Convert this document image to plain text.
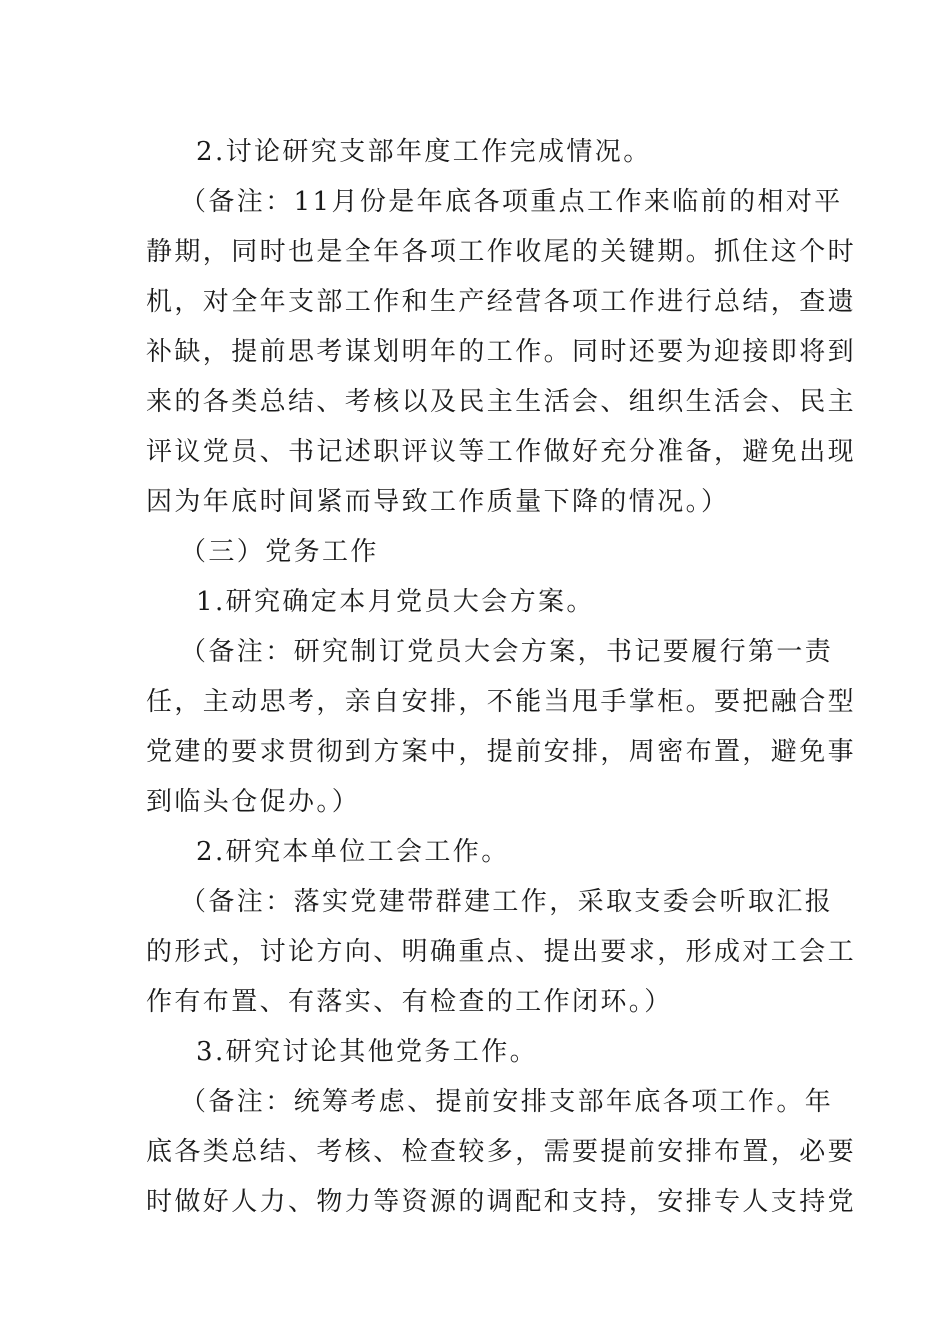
2.讨论研究支部年度工作完成情况。
（备注：11月份是年底各项重点工作来临前的相对平
静期，同时也是全年各项工作收尾的关键期。抓住这个时
机，对全年支部工作和生产经营各项工作进行总结，查遗
补缺，提前思考谋划明年的工作。同时还要为迎接即将到
来的各类总结、考核以及民主生活会、组织生活会、民主
评议党员、书记述职评议等工作做好充分准备，避免出现
因为年底时间紧而导致工作质量下降的情况。）
（三）党务工作
1.研究确定本月党员大会方案。
（备注：研究制订党员大会方案，书记要履行第一责
任，主动思考，亲自安排，不能当甩手掌柜。要把融合型
党建的要求贯彻到方案中，提前安排，周密布置，避免事
到临头仓促办。）
2.研究本单位工会工作。
（备注：落实党建带群建工作，采取支委会听取汇报
的形式，讨论方向、明确重点、提出要求，形成对工会工
作有布置、有落实、有检查的工作闭环。）
3.研究讨论其他党务工作。
（备注：统筹考虑、提前安排支部年底各项工作。年
底各类总结、考核、检查较多，需要提前安排布置，必要
时做好人力、物力等资源的调配和支持，安排专人支持党
